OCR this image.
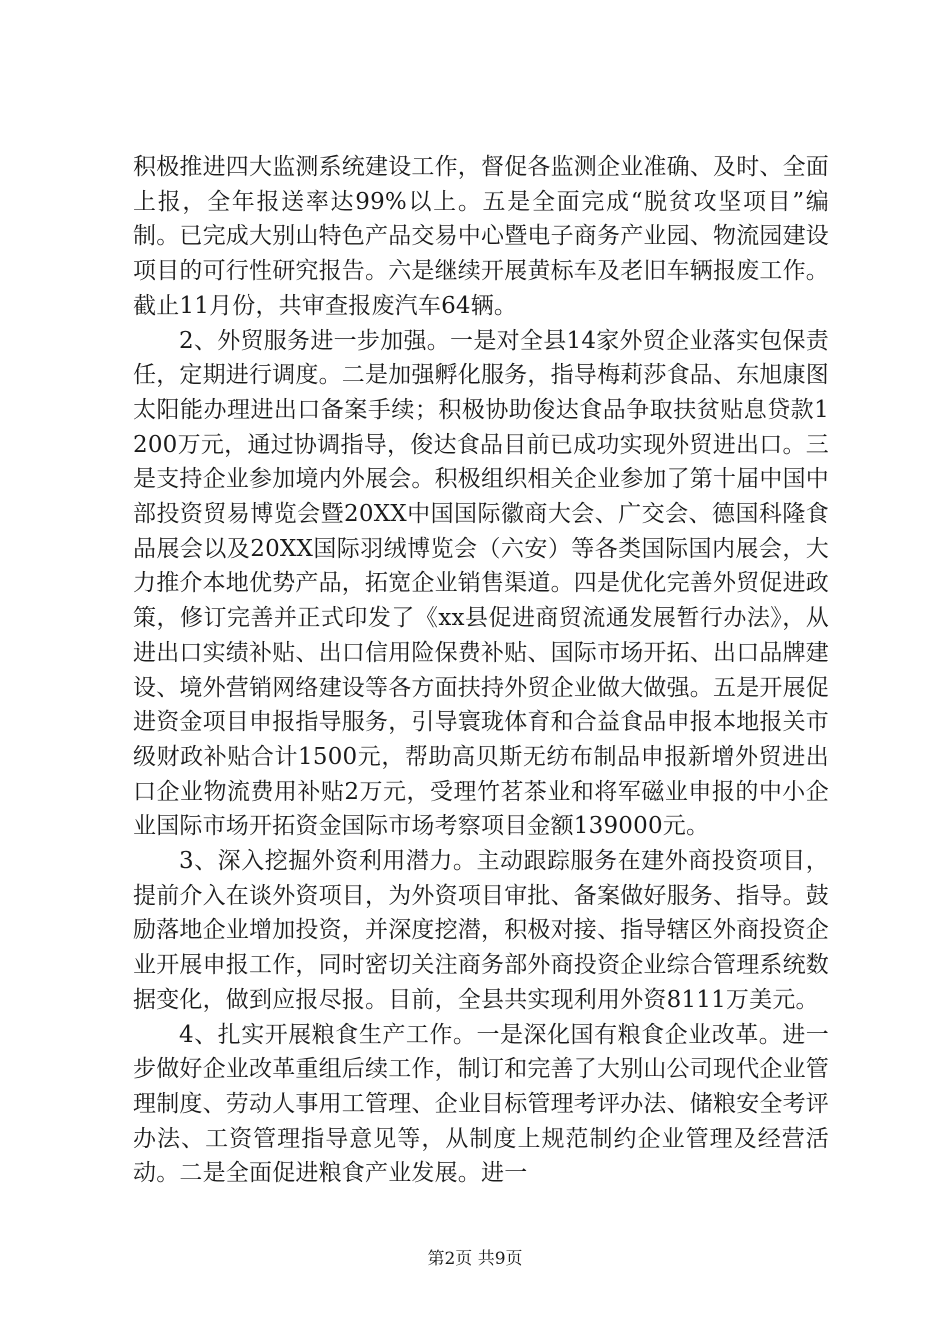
积极推进四大监测系统建设工作，督促各监测企业准确、及时、全面上报，全年报送率达99%以上。五是全面完成“脱贫攻坚项目”编制。已完成大别山特色产品交易中心暨电子商务产业园、物流园建设项目的可行性研究报告。六是继续开展黄标车及老旧车辆报废工作。截止11月份，共审查报废汽车64辆。

2、外贸服务进一步加强。一是对全县14家外贸企业落实包保责任，定期进行调度。二是加强孵化服务，指导梅莉莎食品、东旭康图太阳能办理进出口备案手续；积极协助俊达食品争取扶贫贴息贷款1200万元，通过协调指导，俊达食品目前已成功实现外贸进出口。三是支持企业参加境内外展会。积极组织相关企业参加了第十届中国中部投资贸易博览会暨20XX中国国际徽商大会、广交会、德国科隆食品展会以及20XX国际羽绒博览会（六安）等各类国际国内展会，大力推介本地优势产品，拓宽企业销售渠道。四是优化完善外贸促进政策，修订完善并正式印发了《xx县促进商贸流通发展暂行办法》，从进出口实绩补贴、出口信用险保费补贴、国际市场开拓、出口品牌建设、境外营销网络建设等各方面扶持外贸企业做大做强。五是开展促进资金项目申报指导服务，引导寰珑体育和合益食品申报本地报关市级财政补贴合计1500元，帮助高贝斯无纺布制品申报新增外贸进出口企业物流费用补贴2万元，受理竹茗茶业和将军磁业申报的中小企业国际市场开拓资金国际市场考察项目金额139000元。

3、深入挖掘外资利用潜力。主动跟踪服务在建外商投资项目，提前介入在谈外资项目，为外资项目审批、备案做好服务、指导。鼓励落地企业增加投资，并深度挖潜，积极对接、指导辖区外商投资企业开展申报工作，同时密切关注商务部外商投资企业综合管理系统数据变化，做到应报尽报。目前，全县共实现利用外资8111万美元。

4、扎实开展粮食生产工作。一是深化国有粮食企业改革。进一步做好企业改革重组后续工作，制订和完善了大别山公司现代企业管理制度、劳动人事用工管理、企业目标管理考评办法、储粮安全考评办法、工资管理指导意见等，从制度上规范制约企业管理及经营活动。二是全面促进粮食产业发展。进一

第2页 共9页
